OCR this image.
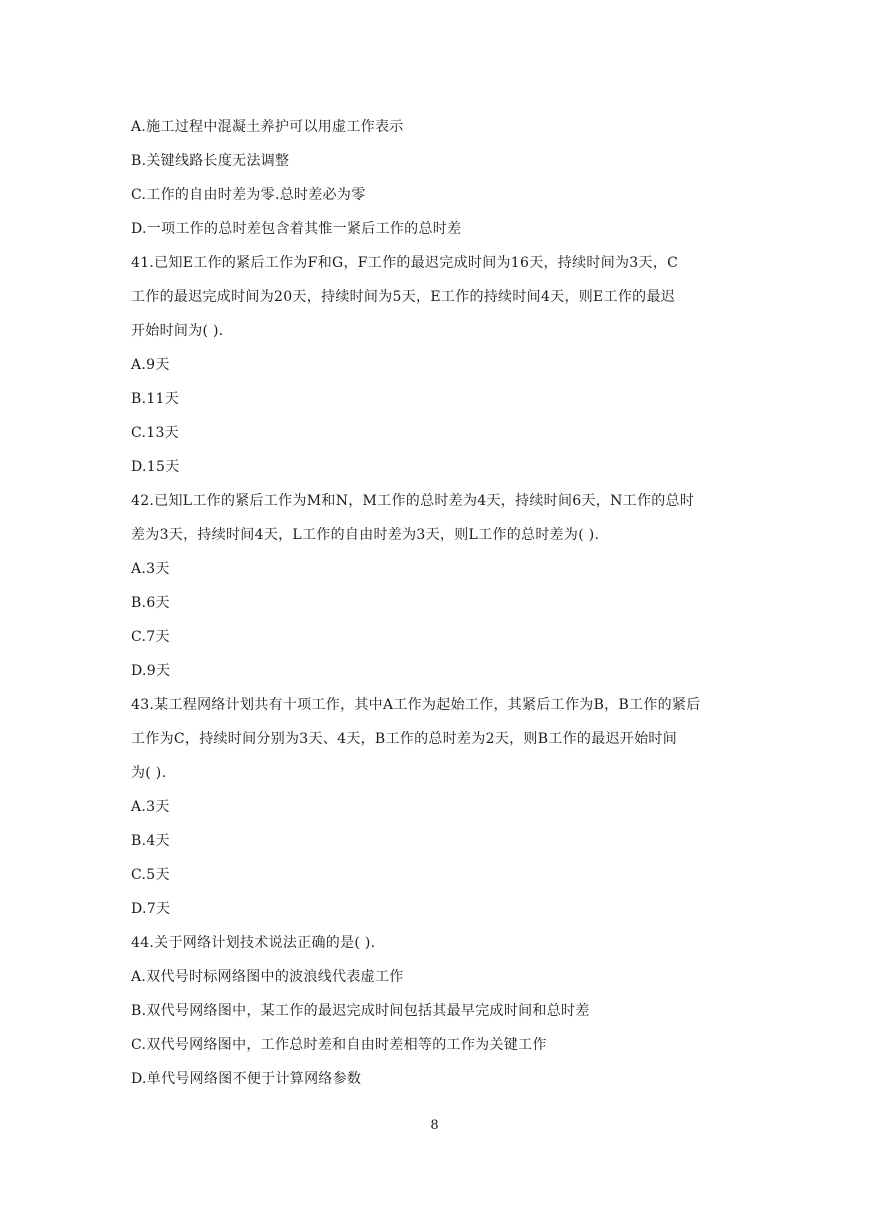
A.施工过程中混凝土养护可以用虚工作表示
B.关键线路长度无法调整
C.工作的自由时差为零.总时差必为零
D.一项工作的总时差包含着其惟一紧后工作的总时差
41.已知E工作的紧后工作为F和G，F工作的最迟完成时间为16天，持续时间为3天，C
工作的最迟完成时间为20天，持续时间为5天，E工作的持续时间4天，则E工作的最迟
开始时间为( ).
A.9天
B.11天
C.13天
D.15天
42.已知L工作的紧后工作为M和N，M工作的总时差为4天，持续时间6天，N工作的总时
差为3天，持续时间4天，L工作的自由时差为3天，则L工作的总时差为( ).
A.3天
B.6天
C.7天
D.9天
43.某工程网络计划共有十项工作，其中A工作为起始工作，其紧后工作为B，B工作的紧后
工作为C，持续时间分别为3天、4天，B工作的总时差为2天，则B工作的最迟开始时间
为( ).
A.3天
B.4天
C.5天
D.7天
44.关于网络计划技术说法正确的是( ).
A.双代号时标网络图中的波浪线代表虚工作
B.双代号网络图中，某工作的最迟完成时间包括其最早完成时间和总时差
C.双代号网络图中，工作总时差和自由时差相等的工作为关键工作
D.单代号网络图不便于计算网络参数
8
